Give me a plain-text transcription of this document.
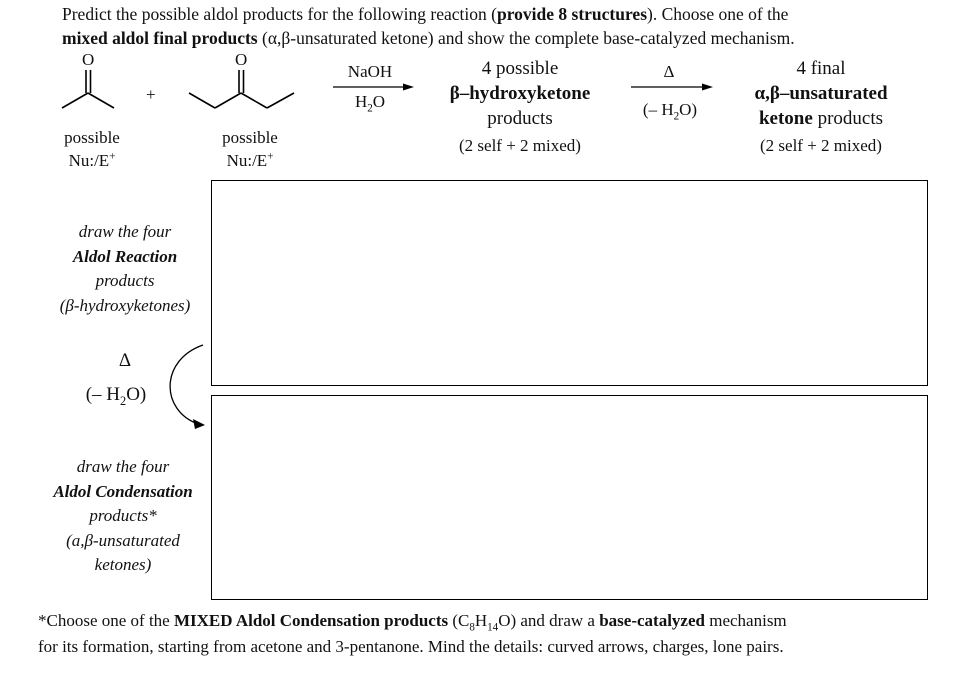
Predict the possible aldol products for the following reaction (provide 8 structures). Choose one of the
mixed aldol final products (α,β-unsaturated ketone) and show the complete base-catalyzed mechanism.
O	O
+
possible
Nu:/E+
possible
Nu:/E+
NaOH
$H_2O$
4 possible
β–hydroxyketone
products
(2 self + 2 mixed)
Δ
(– $H_2O$)
4 final
α,β–unsaturated
ketone products
(2 self + 2 mixed)
draw the four
Aldol Reaction
products
(β-hydroxyketones)
Δ
(– $H_2O$)
draw the four
Aldol Condensation
products*
(a,β-unsaturated
ketones)
*Choose one of the MIXED Aldol Condensation products $(C_8H_{14}O)$ and draw a base-catalyzed mechanism
for its formation, starting from acetone and 3-pentanone. Mind the details: curved arrows, charges, lone pairs.
